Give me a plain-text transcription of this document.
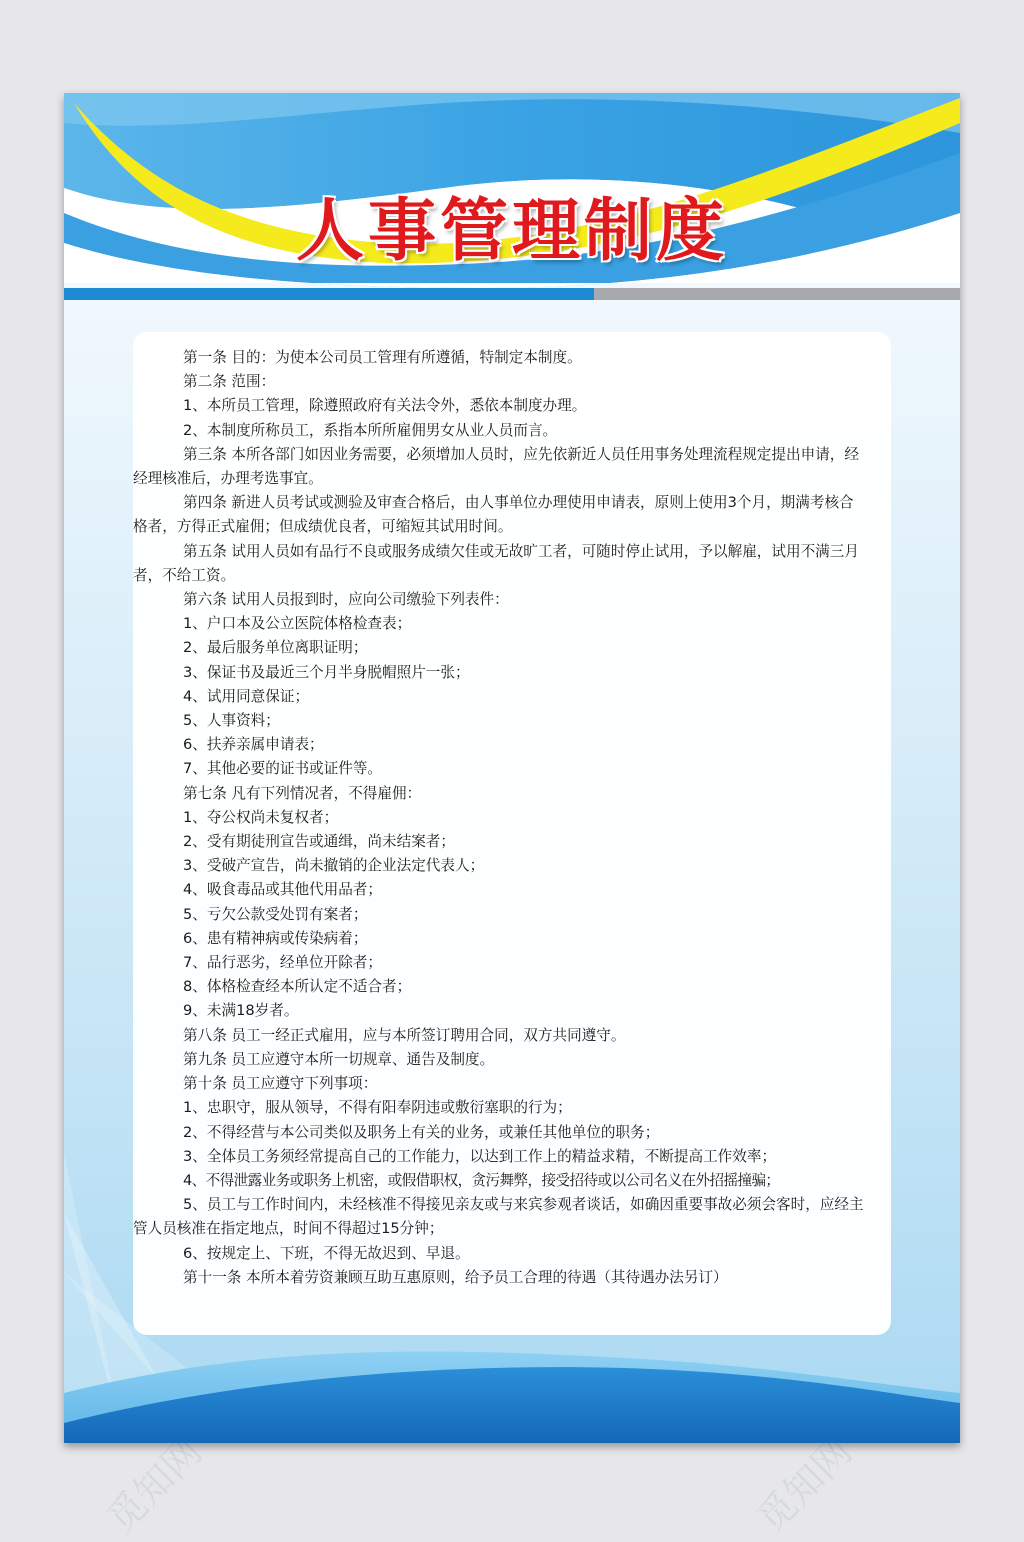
觅知网	觅知网
人事管理制度

第一条 目的：为使本公司员工管理有所遵循，特制定本制度。

第二条 范围：

1、本所员工管理，除遵照政府有关法令外，悉依本制度办理。

2、本制度所称员工，系指本所所雇佣男女从业人员而言。

第三条 本所各部门如因业务需要，必须增加人员时，应先依新近人员任用事务处理流程规定提出申请，经经理核准后，办理考选事宜。

第四条 新进人员考试或测验及审查合格后，由人事单位办理使用申请表，原则上使用3个月，期满考核合格者，方得正式雇佣；但成绩优良者，可缩短其试用时间。

第五条 试用人员如有品行不良或服务成绩欠佳或无故旷工者，可随时停止试用，予以解雇，试用不满三月者，不给工资。

第六条 试用人员报到时，应向公司缴验下列表件：

1、户口本及公立医院体格检查表；

2、最后服务单位离职证明；

3、保证书及最近三个月半身脱帽照片一张；

4、试用同意保证；

5、人事资料；

6、扶养亲属申请表；

7、其他必要的证书或证件等。

第七条 凡有下列情况者，不得雇佣：

1、夺公权尚未复权者；

2、受有期徒刑宣告或通缉，尚未结案者；

3、受破产宣告，尚未撤销的企业法定代表人；

4、吸食毒品或其他代用品者；

5、亏欠公款受处罚有案者；

6、患有精神病或传染病着；

7、品行恶劣，经单位开除者；

8、体格检查经本所认定不适合者；

9、未满18岁者。

第八条 员工一经正式雇用，应与本所签订聘用合同，双方共同遵守。

第九条 员工应遵守本所一切规章、通告及制度。

第十条 员工应遵守下列事项：

1、忠职守，服从领导，不得有阳奉阴违或敷衍塞职的行为；

2、不得经营与本公司类似及职务上有关的业务，或兼任其他单位的职务；

3、全体员工务须经常提高自己的工作能力，以达到工作上的精益求精，不断提高工作效率；

4、不得泄露业务或职务上机密，或假借职权，贪污舞弊，接受招待或以公司名义在外招摇撞骗；

5、员工与工作时间内，未经核准不得接见亲友或与来宾参观者谈话，如确因重要事故必须会客时，应经主管人员核准在指定地点，时间不得超过15分钟；

6、按规定上、下班，不得无故迟到、早退。

第十一条 本所本着劳资兼顾互助互惠原则，给予员工合理的待遇（其待遇办法另订）
